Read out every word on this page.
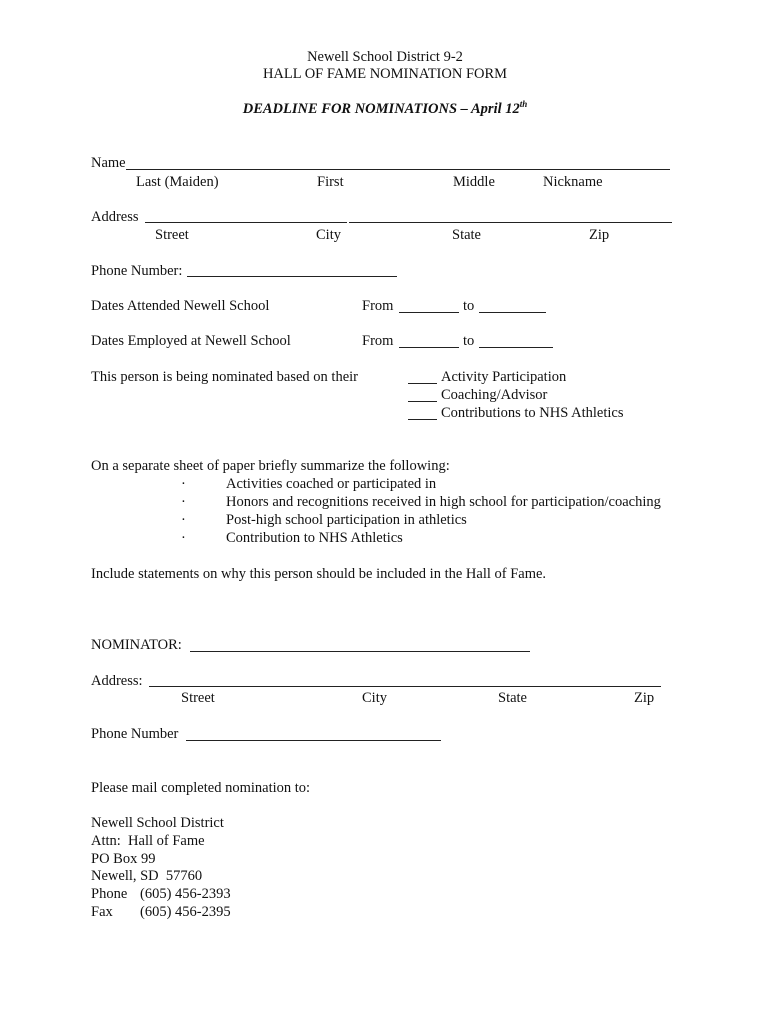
Newell School District 9-2
HALL OF FAME NOMINATION FORM
DEADLINE FOR NOMINATIONS – April 12th
Name
Last (Maiden)	First	Middle	Nickname
Address
Street	City	State	Zip
Phone Number:
Dates Attended Newell School	From	to
Dates Employed at Newell School	From	to
This person is being nominated based on their	Activity Participation
Coaching/Advisor
Contributions to NHS Athletics
On a separate sheet of paper briefly summarize the following:
·	Activities coached or participated in
·	Honors and recognitions received in high school for participation/coaching
·	Post-high school participation in athletics
·	Contribution to NHS Athletics
Include statements on why this person should be included in the Hall of Fame.
NOMINATOR:
Address:
Street	City	State	Zip
Phone Number
Please mail completed nomination to:
Newell School District
Attn:  Hall of Fame
PO Box 99
Newell, SD  57760
Phone (605) 456-2393
Fax (605) 456-2395
